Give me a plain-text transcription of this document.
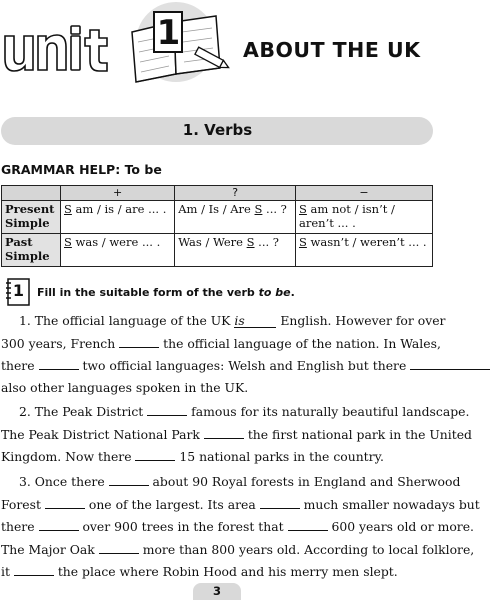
1	ABOUT THE UK
1. Verbs
GRAMMAR HELP: To be
	+	?	−
Present Simple	S am / is / are ... .	Am / Is / Are S ... ?	S am not / isn’t / aren’t ... .
Past Simple	S was / were ... .	Was / Were S ... ?	S wasn’t / weren’t ... .
1	Fill in the suitable form of the verb to be.
1. The official language of the UK is	English. However for over
300 years, French	the official language of the nation. In Wales,
there	two official languages: Welsh and English but there
also other languages spoken in the UK.
2. The Peak District	famous for its naturally beautiful landscape.
The Peak District National Park	the first national park in the United
Kingdom. Now there	15 national parks in the country.
3. Once there	about 90 Royal forests in England and Sherwood
Forest	one of the largest. Its area	much smaller nowadays but
there	over 900 trees in the forest that	600 years old or more.
The Major Oak	more than 800 years old. According to local folklore,
it	the place where Robin Hood and his merry men slept.
3
